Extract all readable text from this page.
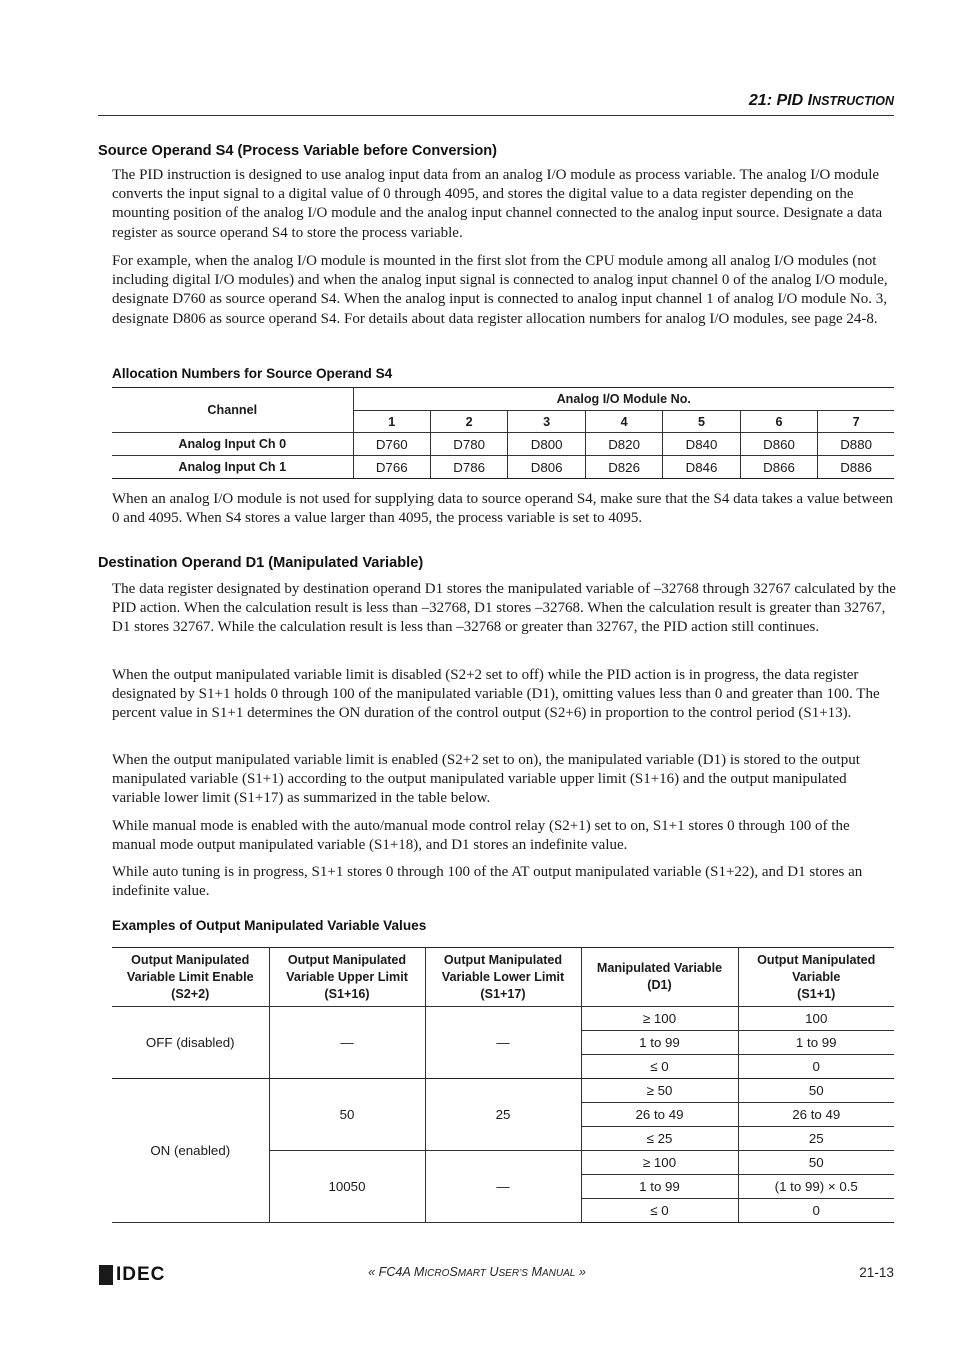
21: PID INSTRUCTION
Source Operand S4 (Process Variable before Conversion)

The PID instruction is designed to use analog input data from an analog I/O module as process variable. The analog I/O module converts the input signal to a digital value of 0 through 4095, and stores the digital value to a data register depending on the mounting position of the analog I/O module and the analog input channel connected to the analog input source. Designate a data register as source operand S4 to store the process variable.

For example, when the analog I/O module is mounted in the first slot from the CPU module among all analog I/O modules (not including digital I/O modules) and when the analog input signal is connected to analog input channel 0 of the analog I/O module, designate D760 as source operand S4. When the analog input is connected to analog input channel 1 of analog I/O module No. 3, designate D806 as source operand S4. For details about data register allocation numbers for analog I/O modules, see page 24-8.

Allocation Numbers for Source Operand S4
Channel	Analog I/O Module No.						
	1	2	3	4	5	6	7
Analog Input Ch 0	D760	D780	D800	D820	D840	D860	D880
Analog Input Ch 1	D766	D786	D806	D826	D846	D866	D886

When an analog I/O module is not used for supplying data to source operand S4, make sure that the S4 data takes a value between 0 and 4095. When S4 stores a value larger than 4095, the process variable is set to 4095.

Destination Operand D1 (Manipulated Variable)

The data register designated by destination operand D1 stores the manipulated variable of –32768 through 32767 calculated by the PID action. When the calculation result is less than –32768, D1 stores –32768. When the calculation result is greater than 32767, D1 stores 32767. While the calculation result is less than –32768 or greater than 32767, the PID action still continues.

When the output manipulated variable limit is disabled (S2+2 set to off) while the PID action is in progress, the data register designated by S1+1 holds 0 through 100 of the manipulated variable (D1), omitting values less than 0 and greater than 100. The percent value in S1+1 determines the ON duration of the control output (S2+6) in proportion to the control period (S1+13).

When the output manipulated variable limit is enabled (S2+2 set to on), the manipulated variable (D1) is stored to the output manipulated variable (S1+1) according to the output manipulated variable upper limit (S1+16) and the output manipulated variable lower limit (S1+17) as summarized in the table below.

While manual mode is enabled with the auto/manual mode control relay (S2+1) set to on, S1+1 stores 0 through 100 of the manual mode output manipulated variable (S1+18), and D1 stores an indefinite value.

While auto tuning is in progress, S1+1 stores 0 through 100 of the AT output manipulated variable (S1+22), and D1 stores an indefinite value.

Examples of Output Manipulated Variable Values
Output Manipulated
Variable Limit Enable
(S2+2)	Output Manipulated
Variable Upper Limit
(S1+16)	Output Manipulated
Variable Lower Limit
(S1+17)	Manipulated Variable
(D1)	Output Manipulated
Variable
(S1+1)
OFF (disabled)	—	—	≥ 100	100
			1 to 99	1 to 99
			≤ 0	0
ON (enabled)	50	25	≥ 50	50
			26 to 49	26 to 49
			≤ 25	25
	10050	—	≥ 100	50
			1 to 99	(1 to 99) × 0.5
			≤ 0	0
IDEC	« FC4A MICROSMART USER’S MANUAL »	21-13
